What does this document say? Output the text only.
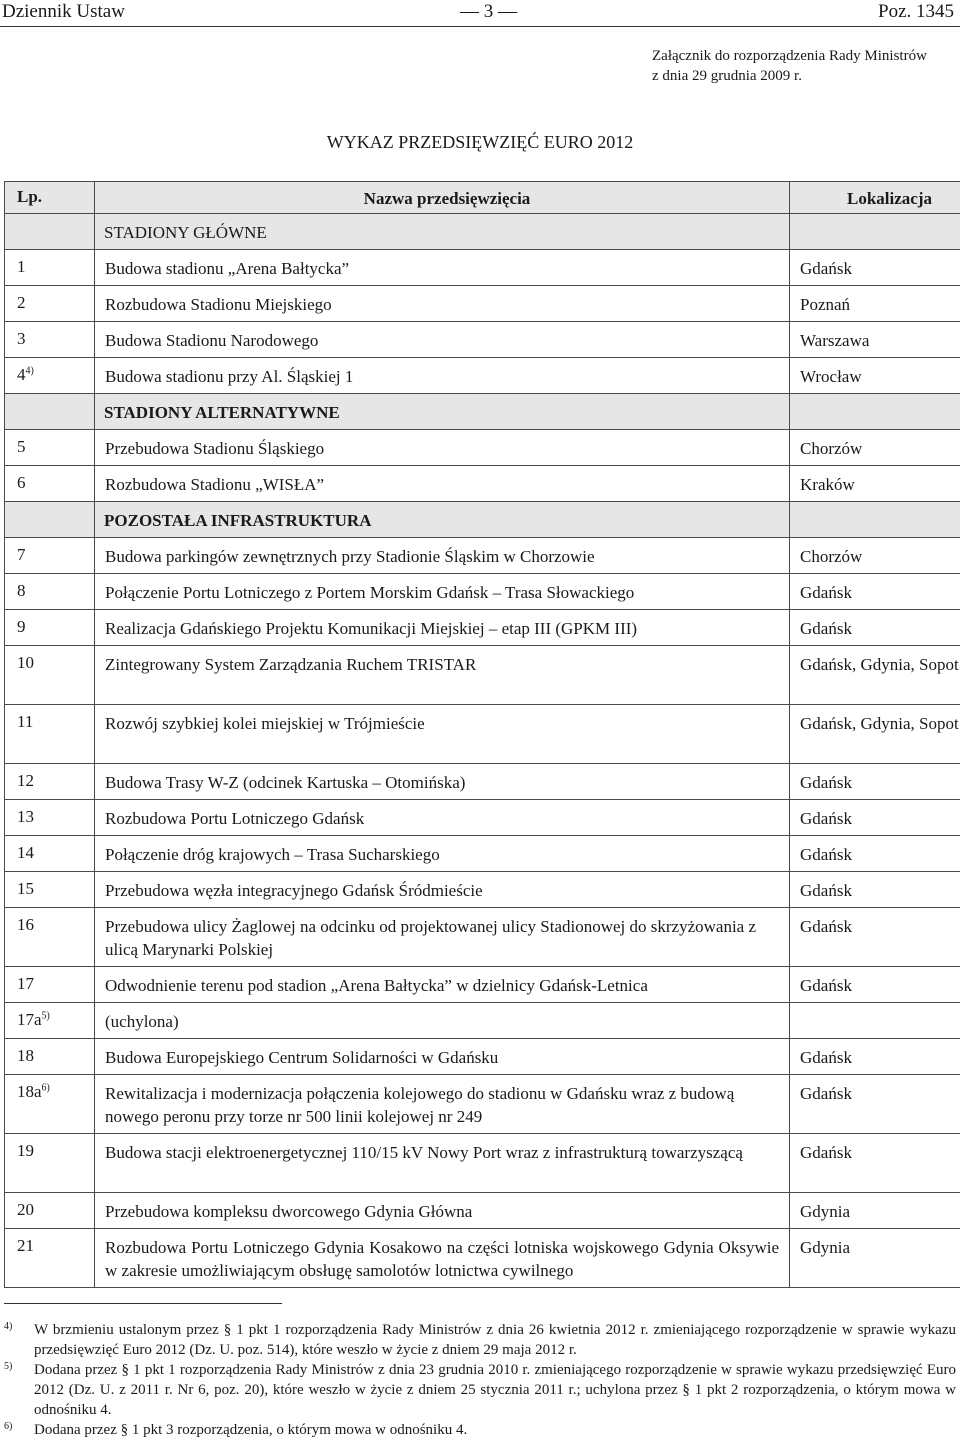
Dziennik Ustaw	— 3 —	Poz. 1345
Załącznik do rozporządzenia Rady Ministrów
z dnia 29 grudnia 2009 r.
WYKAZ PRZEDSIĘWZIĘĆ EURO 2012
Lp.	Nazwa przedsięwzięcia	Lokalizacja
	STADIONY GŁÓWNE	
1	Budowa stadionu „Arena Bałtycka”	Gdańsk
2	Rozbudowa Stadionu Miejskiego	Poznań
3	Budowa Stadionu Narodowego	Warszawa
4$^{4)}$	Budowa stadionu przy Al. Śląskiej 1	Wrocław
	STADIONY ALTERNATYWNE	
5	Przebudowa Stadionu Śląskiego	Chorzów
6	Rozbudowa Stadionu „WISŁA”	Kraków
	POZOSTAŁA INFRASTRUKTURA	
7	Budowa parkingów zewnętrznych przy Stadionie Śląskim w Chorzowie	Chorzów
8	Połączenie Portu Lotniczego z Portem Morskim Gdańsk – Trasa Słowackiego	Gdańsk
9	Realizacja Gdańskiego Projektu Komunikacji Miejskiej – etap III (GPKM III)	Gdańsk
10	Zintegrowany System Zarządzania Ruchem TRISTAR	Gdańsk, Gdynia, Sopot
11	Rozwój szybkiej kolei miejskiej w Trójmieście	Gdańsk, Gdynia, Sopot
12	Budowa Trasy W-Z (odcinek Kartuska – Otomińska)	Gdańsk
13	Rozbudowa Portu Lotniczego Gdańsk	Gdańsk
14	Połączenie dróg krajowych – Trasa Sucharskiego	Gdańsk
15	Przebudowa węzła integracyjnego Gdańsk Śródmieście	Gdańsk
16	Przebudowa ulicy Żaglowej na odcinku od projektowanej ulicy Stadionowej do skrzyżowania z ulicą Marynarki Polskiej	Gdańsk
17	Odwodnienie terenu pod stadion „Arena Bałtycka” w dzielnicy Gdańsk-Letnica	Gdańsk
$17a^{5)}$	(uchylona)	
18	Budowa Europejskiego Centrum Solidarności w Gdańsku	Gdańsk
$18a^{6)}$	Rewitalizacja i modernizacja połączenia kolejowego do stadionu w Gdańsku wraz z budową nowego peronu przy torze nr 500 linii kolejowej nr 249	Gdańsk
19	Budowa stacji elektroenergetycznej 110/15 kV Nowy Port wraz z infrastrukturą towarzyszącą	Gdańsk
20	Przebudowa kompleksu dworcowego Gdynia Główna	Gdynia
21	Rozbudowa Portu Lotniczego Gdynia Kosakowo na części lotniska wojskowego Gdynia Oksywie w zakresie umożliwiającym obsługę samolotów lotnictwa cywilnego	Gdynia
4)	W brzmieniu ustalonym przez § 1 pkt 1 rozporządzenia Rady Ministrów z dnia 26 kwietnia 2012 r. zmieniającego rozporządzenie w sprawie wykazu przedsięwzięć Euro 2012 (Dz. U. poz. 514), które weszło w życie z dniem 29 maja 2012 r.
5)	Dodana przez § 1 pkt 1 rozporządzenia Rady Ministrów z dnia 23 grudnia 2010 r. zmieniającego rozporządzenie w sprawie wykazu przedsięwzięć Euro 2012 (Dz. U. z 2011 r. Nr 6, poz. 20), które weszło w życie z dniem 25 stycznia 2011 r.; uchylona przez § 1 pkt 2 rozporządzenia, o którym mowa w odnośniku 4.
6)	Dodana przez § 1 pkt 3 rozporządzenia, o którym mowa w odnośniku 4.
